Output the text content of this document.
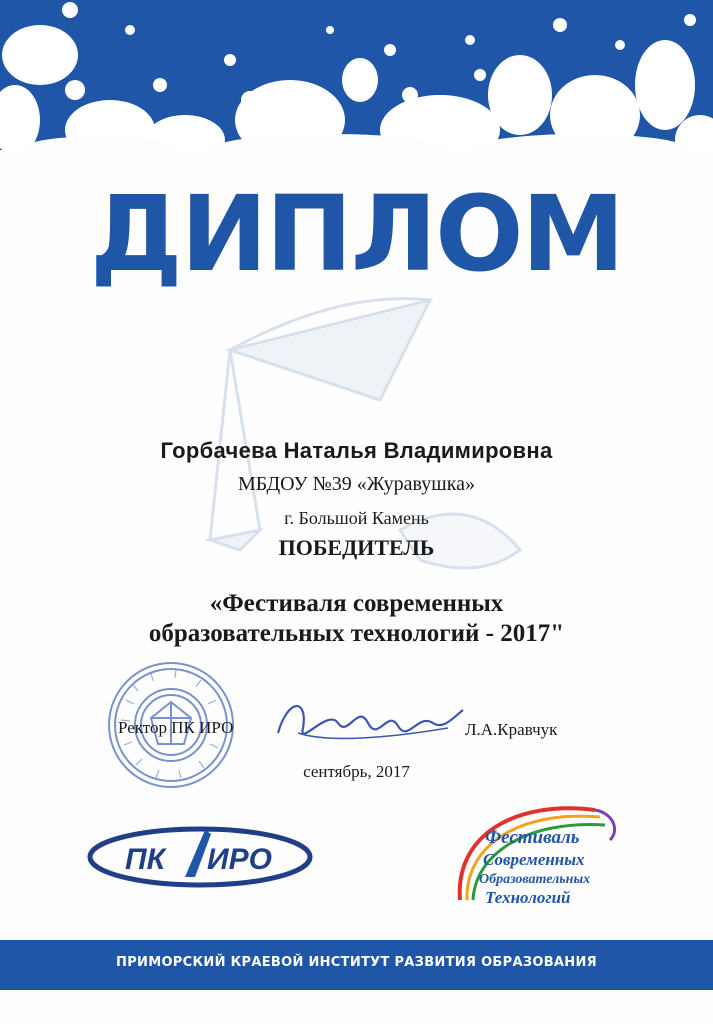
ДИПЛОМ
Горбачева Наталья Владимировна
МБДОУ №39 «Журавушка»
г. Большой Камень
ПОБЕДИТЕЛЬ
«Фестиваля современных
образовательных технологий - 2017"
Ректор ПК ИРО	Л.А.Кравчук
сентябрь, 2017
ПК ИРО
Фестиваль
Современных
Образовательных
Технологий
ПРИМОРСКИЙ КРАЕВОЙ ИНСТИТУТ РАЗВИТИЯ ОБРАЗОВАНИЯ
